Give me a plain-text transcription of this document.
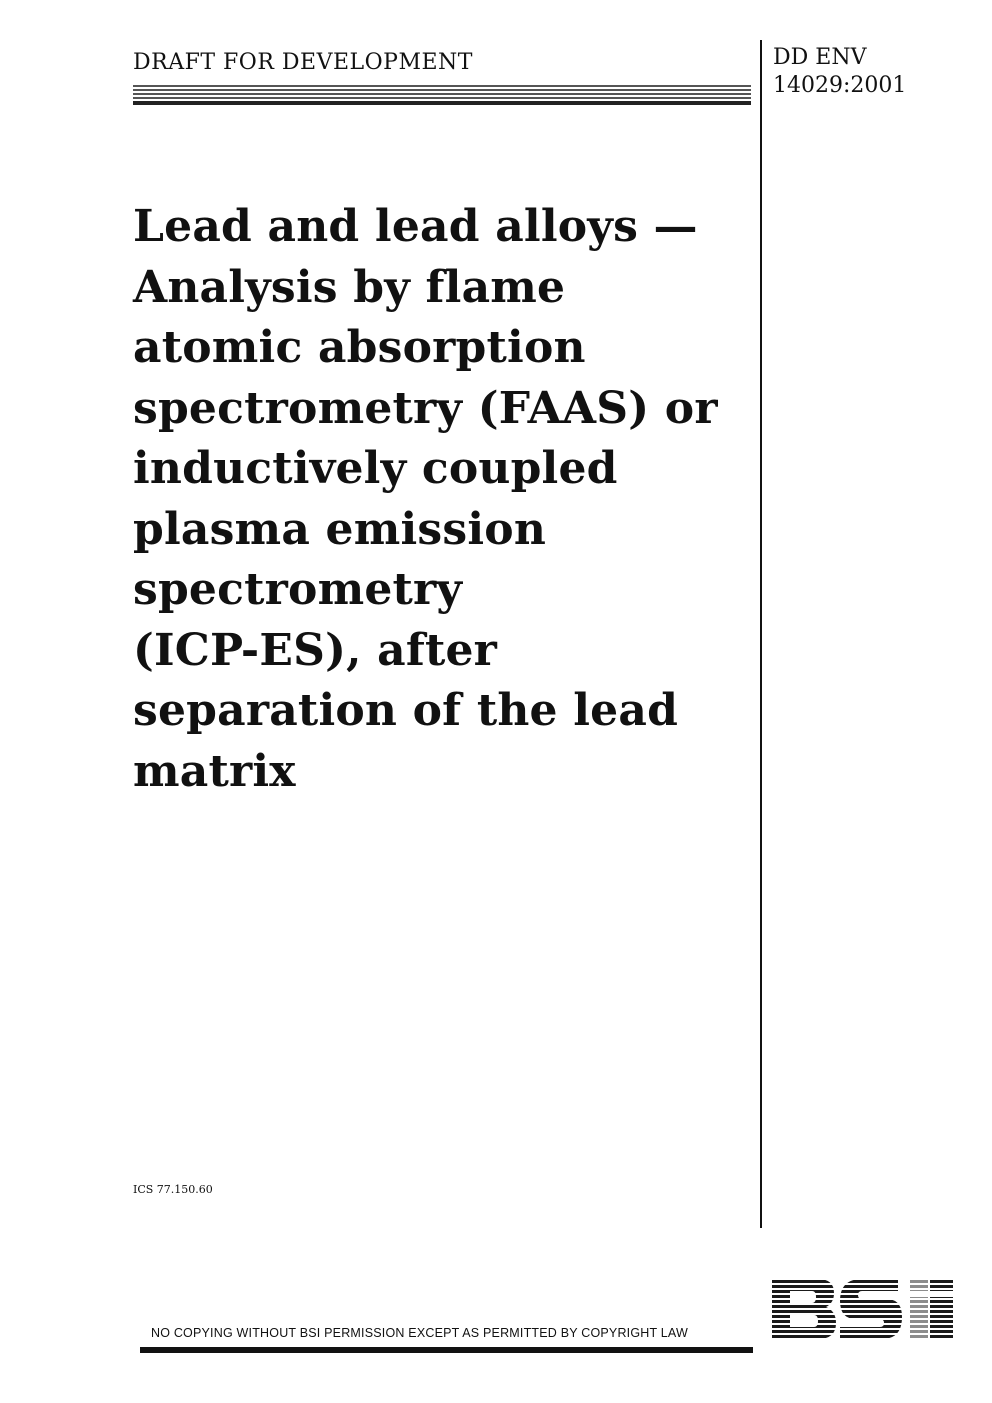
DRAFT FOR DEVELOPMENT	DD ENV
14029:2001
Lead and lead alloys —
Analysis by flame
atomic absorption
spectrometry (FAAS) or
inductively coupled
plasma emission
spectrometry
(ICP-ES), after
separation of the lead
matrix
ICS 77.150.60
NO COPYING WITHOUT BSI PERMISSION EXCEPT AS PERMITTED BY COPYRIGHT LAW
